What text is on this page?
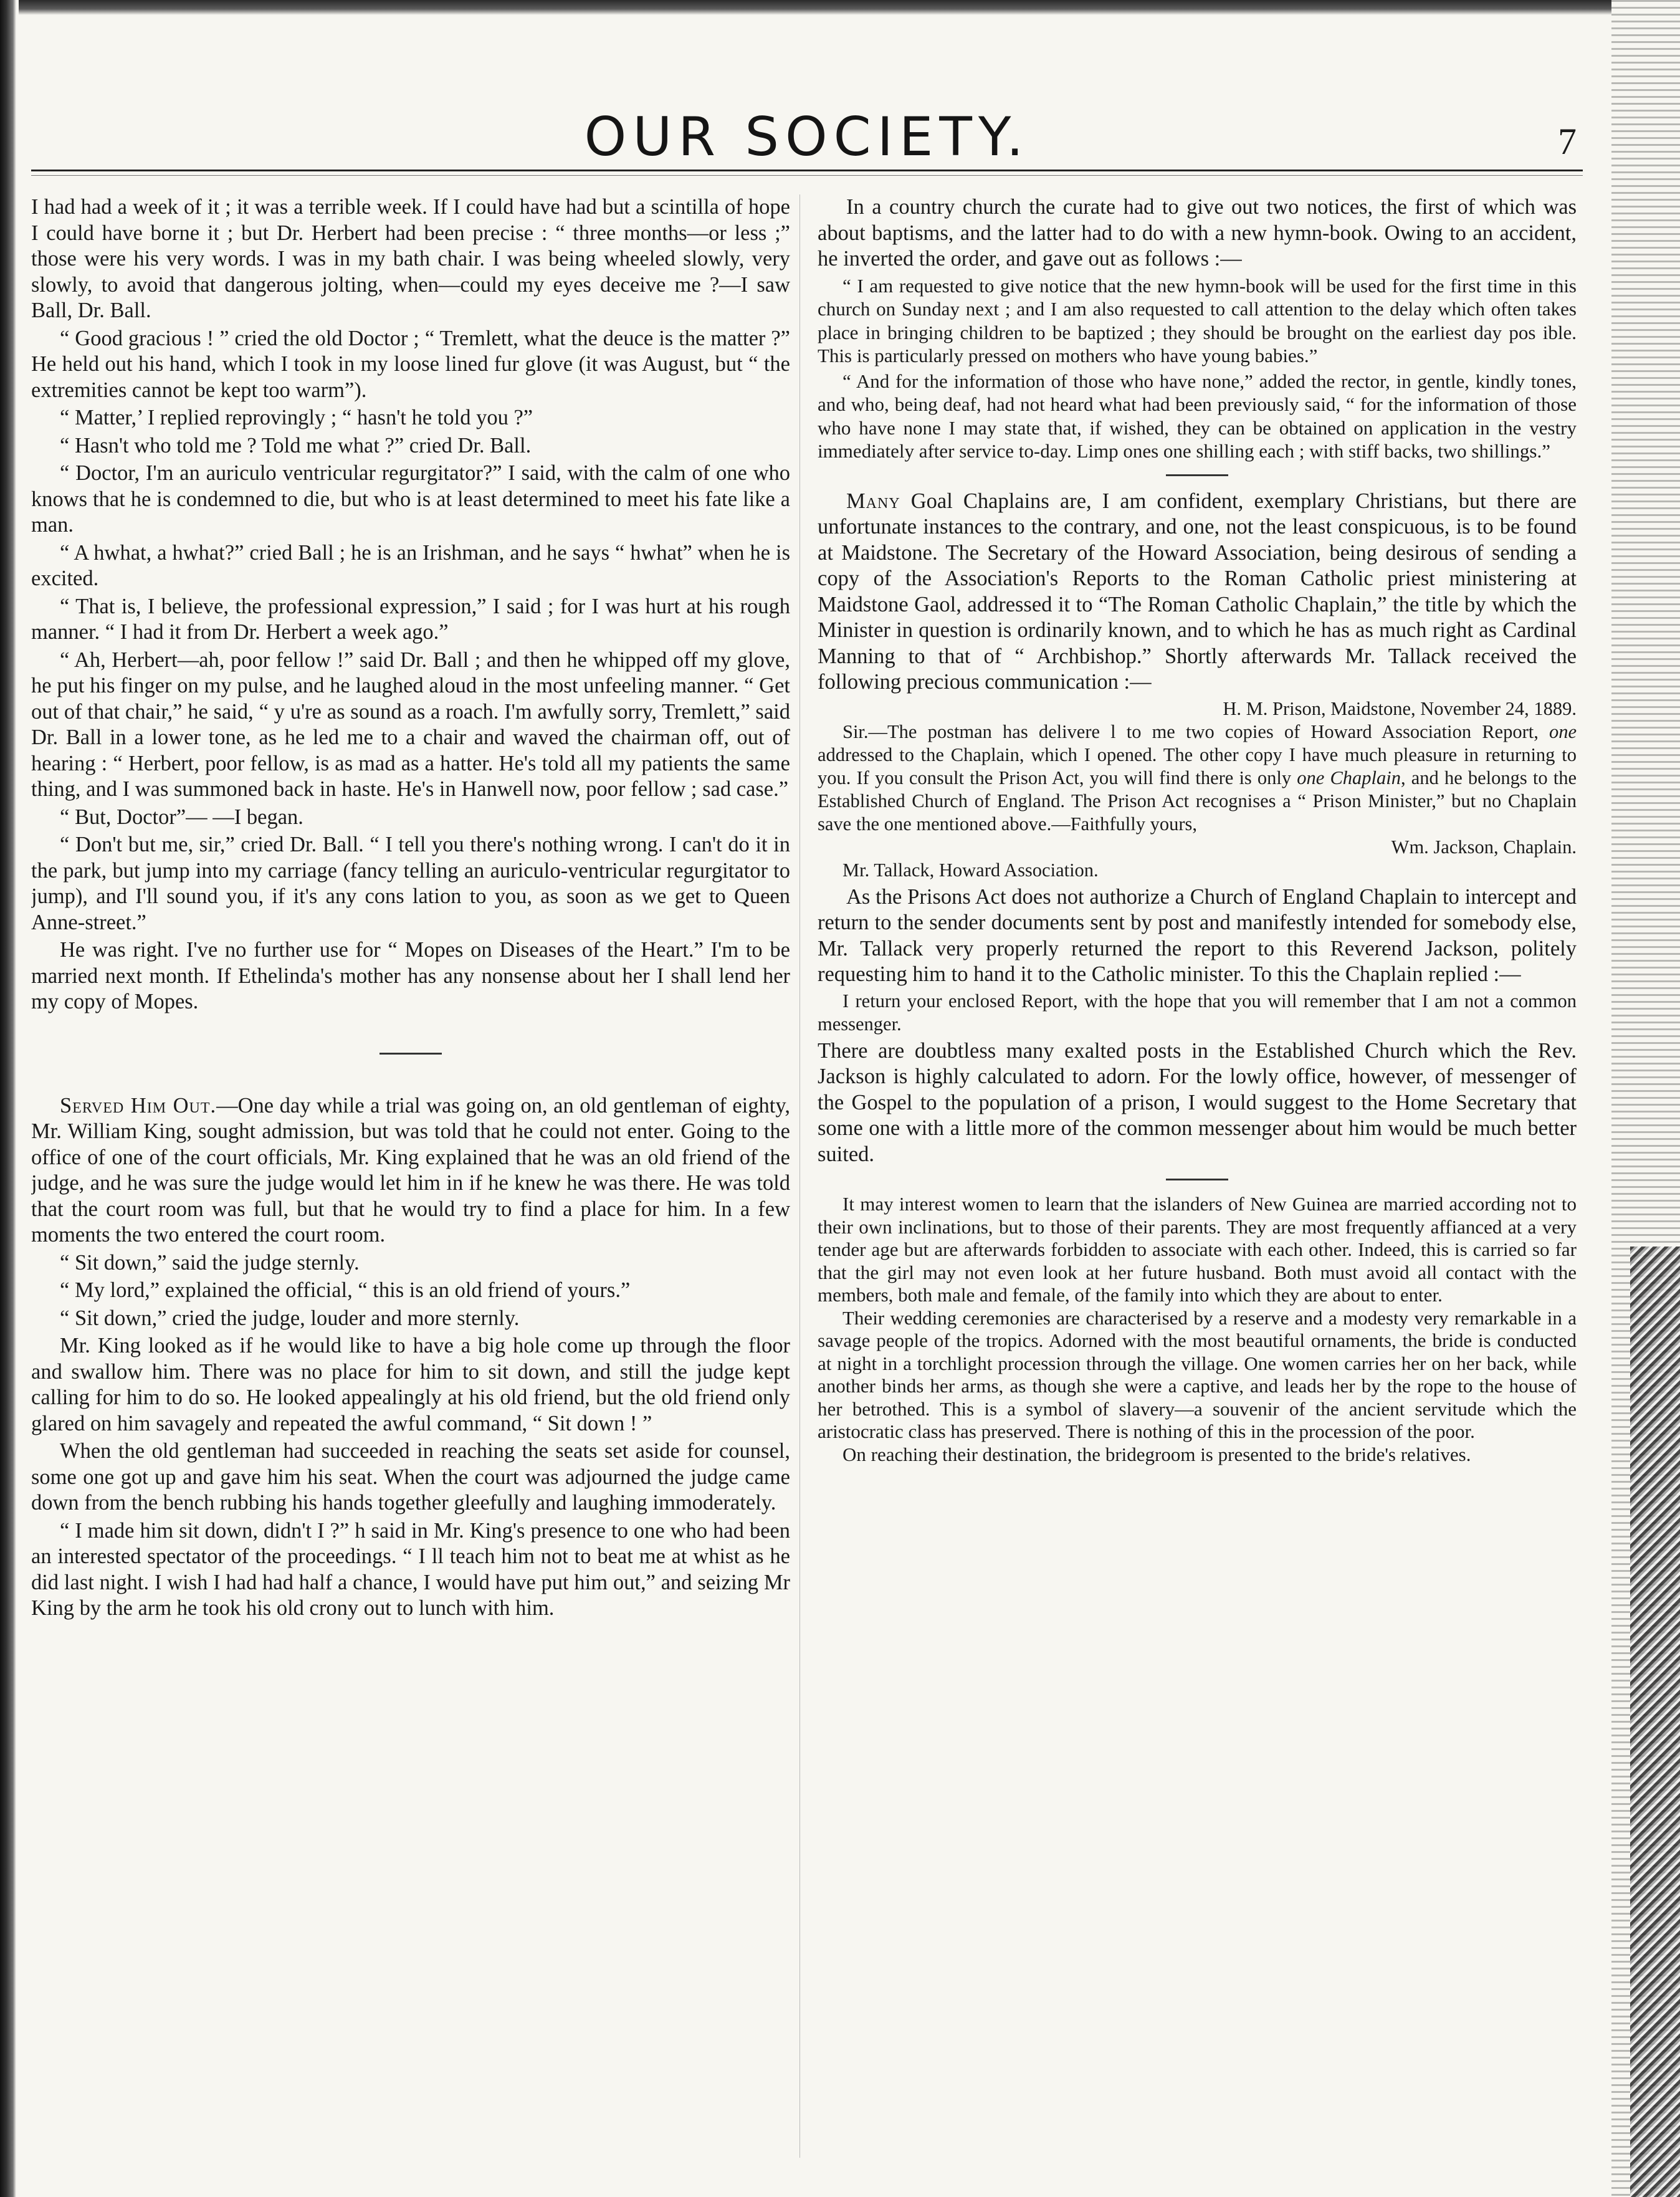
OUR SOCIETY.	7

I had had a week of it ; it was a terrible week. If I could have had but a scintilla of hope I could have borne it ; but Dr. Herbert had been precise : “ three months—or less ;” those were his very words. I was in my bath chair. I was being wheeled slowly, very slowly, to avoid that dangerous jolting, when—could my eyes deceive me ?—I saw Ball, Dr. Ball.

“ Good gracious ! ” cried the old Doctor ; “ Tremlett, what the deuce is the matter ?” He held out his hand, which I took in my loose lined fur glove (it was August, but “ the extremities cannot be kept too warm”).

“ Matter,’ I replied reprovingly ; “ hasn't he told you ?”

“ Hasn't who told me ? Told me what ?” cried Dr. Ball.

“ Doctor, I'm an auriculo ventricular regurgitator?” I said, with the calm of one who knows that he is condemned to die, but who is at least determined to meet his fate like a man.

“ A hwhat, a hwhat?” cried Ball ; he is an Irishman, and he says “ hwhat” when he is excited.

“ That is, I believe, the professional expression,” I said ; for I was hurt at his rough manner. “ I had it from Dr. Herbert a week ago.”

“ Ah, Herbert—ah, poor fellow !” said Dr. Ball ; and then he whipped off my glove, he put his finger on my pulse, and he laughed aloud in the most unfeeling manner. “ Get out of that chair,” he said, “ y u're as sound as a roach. I'm awfully sorry, Tremlett,” said Dr. Ball in a lower tone, as he led me to a chair and waved the chairman off, out of hearing : “ Herbert, poor fellow, is as mad as a hatter. He's told all my patients the same thing, and I was summoned back in haste. He's in Hanwell now, poor fellow ; sad case.”

“ But, Doctor”— —I began.

“ Don't but me, sir,” cried Dr. Ball. “ I tell you there's nothing wrong. I can't do it in the park, but jump into my carriage (fancy telling an auriculo-ventricular regurgitator to jump), and I'll sound you, if it's any cons lation to you, as soon as we get to Queen Anne-street.”

He was right. I've no further use for “ Mopes on Diseases of the Heart.” I'm to be married next month. If Ethelinda's mother has any nonsense about her I shall lend her my copy of Mopes.

Served Him Out.—One day while a trial was going on, an old gentleman of eighty, Mr. William King, sought admission, but was told that he could not enter. Going to the office of one of the court officials, Mr. King explained that he was an old friend of the judge, and he was sure the judge would let him in if he knew he was there. He was told that the court room was full, but that he would try to find a place for him. In a few moments the two entered the court room.

“ Sit down,” said the judge sternly.

“ My lord,” explained the official, “ this is an old friend of yours.”

“ Sit down,” cried the judge, louder and more sternly.

Mr. King looked as if he would like to have a big hole come up through the floor and swallow him. There was no place for him to sit down, and still the judge kept calling for him to do so. He looked appealingly at his old friend, but the old friend only glared on him savagely and repeated the awful command, “ Sit down ! ”

When the old gentleman had succeeded in reaching the seats set aside for counsel, some one got up and gave him his seat. When the court was adjourned the judge came down from the bench rubbing his hands together gleefully and laughing immoderately.

“ I made him sit down, didn't I ?” h said in Mr. King's presence to one who had been an interested spectator of the proceedings. “ I ll teach him not to beat me at whist as he did last night. I wish I had had half a chance, I would have put him out,” and seizing Mr King by the arm he took his old crony out to lunch with him.

In a country church the curate had to give out two notices, the first of which was about baptisms, and the latter had to do with a new hymn-book. Owing to an accident, he inverted the order, and gave out as follows :—

“ I am requested to give notice that the new hymn-book will be used for the first time in this church on Sunday next ; and I am also requested to call attention to the delay which often takes place in bringing children to be baptized ; they should be brought on the earliest day pos ible. This is particularly pressed on mothers who have young babies.”

“ And for the information of those who have none,” added the rector, in gentle, kindly tones, and who, being deaf, had not heard what had been previously said, “ for the information of those who have none I may state that, if wished, they can be obtained on application in the vestry immediately after service to-day. Limp ones one shilling each ; with stiff backs, two shillings.”

Many Goal Chaplains are, I am confident, exemplary Christians, but there are unfortunate instances to the contrary, and one, not the least conspicuous, is to be found at Maidstone. The Secretary of the Howard Association, being desirous of sending a copy of the Association's Reports to the Roman Catholic priest ministering at Maidstone Gaol, addressed it to “The Roman Catholic Chaplain,” the title by which the Minister in question is ordinarily known, and to which he has as much right as Cardinal Manning to that of “ Archbishop.” Shortly afterwards Mr. Tallack received the following precious communication :—

H. M. Prison, Maidstone, November 24, 1889.

Sir.—The postman has delivere l to me two copies of Howard Association Report, one addressed to the Chaplain, which I opened. The other copy I have much pleasure in returning to you. If you consult the Prison Act, you will find there is only one Chaplain, and he belongs to the Established Church of England. The Prison Act recognises a “ Prison Minister,” but no Chaplain save the one mentioned above.—Faithfully yours,

Wm. Jackson, Chaplain.

Mr. Tallack, Howard Association.

As the Prisons Act does not authorize a Church of England Chaplain to intercept and return to the sender documents sent by post and manifestly intended for somebody else, Mr. Tallack very properly returned the report to this Reverend Jackson, politely requesting him to hand it to the Catholic minister. To this the Chaplain replied :—

I return your enclosed Report, with the hope that you will remember that I am not a common messenger.

There are doubtless many exalted posts in the Established Church which the Rev. Jackson is highly calculated to adorn. For the lowly office, however, of messenger of the Gospel to the population of a prison, I would suggest to the Home Secretary that some one with a little more of the common messenger about him would be much better suited.

It may interest women to learn that the islanders of New Guinea are married according not to their own inclinations, but to those of their parents. They are most frequently affianced at a very tender age but are afterwards forbidden to associate with each other. Indeed, this is carried so far that the girl may not even look at her future husband. Both must avoid all contact with the members, both male and female, of the family into which they are about to enter.

Their wedding ceremonies are characterised by a reserve and a modesty very remarkable in a savage people of the tropics. Adorned with the most beautiful ornaments, the bride is conducted at night in a torchlight procession through the village. One women carries her on her back, while another binds her arms, as though she were a captive, and leads her by the rope to the house of her betrothed. This is a symbol of slavery—a souvenir of the ancient servitude which the aristocratic class has preserved. There is nothing of this in the procession of the poor.

On reaching their destination, the bridegroom is presented to the bride's relatives.
